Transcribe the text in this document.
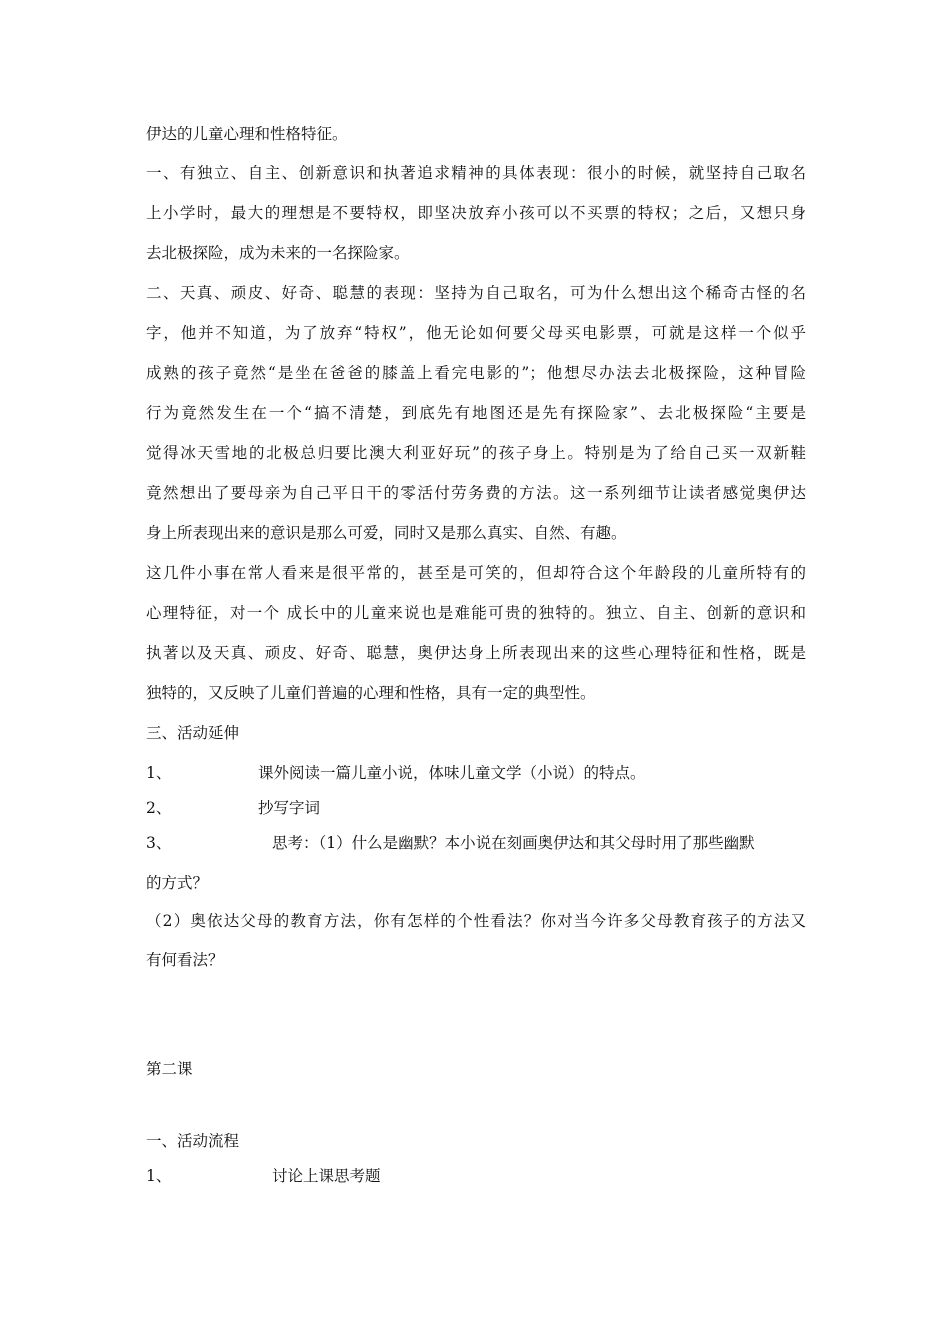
伊达的儿童心理和性格特征。
一、有独立、自主、创新意识和执著追求精神的具体表现：很小的时候，就坚持自己取名
上小学时，最大的理想是不要特权，即坚决放弃小孩可以不买票的特权；之后，又想只身
去北极探险，成为未来的一名探险家。
二、天真、顽皮、好奇、聪慧的表现：坚持为自己取名，可为什么想出这个稀奇古怪的名
字，他并不知道，为了放弃“特权”，他无论如何要父母买电影票，可就是这样一个似乎
成熟的孩子竟然“是坐在爸爸的膝盖上看完电影的”；他想尽办法去北极探险，这种冒险
行为竟然发生在一个“搞不清楚，到底先有地图还是先有探险家”、去北极探险“主要是
觉得冰天雪地的北极总归要比澳大利亚好玩”的孩子身上。特别是为了给自己买一双新鞋
竟然想出了要母亲为自己平日干的零活付劳务费的方法。这一系列细节让读者感觉奥伊达
身上所表现出来的意识是那么可爱，同时又是那么真实、自然、有趣。
这几件小事在常人看来是很平常的，甚至是可笑的，但却符合这个年龄段的儿童所特有的
心理特征，对一个 成长中的儿童来说也是难能可贵的独特的。独立、自主、创新的意识和
执著以及天真、顽皮、好奇、聪慧，奥伊达身上所表现出来的这些心理特征和性格，既是
独特的，又反映了儿童们普遍的心理和性格，具有一定的典型性。
三、活动延伸
1、	课外阅读一篇儿童小说，体味儿童文学（小说）的特点。
2、	抄写字词
3、	思考：（1）什么是幽默？本小说在刻画奥伊达和其父母时用了那些幽默
的方式？
（2）奥依达父母的教育方法，你有怎样的个性看法？你对当今许多父母教育孩子的方法又
有何看法？
第二课
一、活动流程
1、	讨论上课思考题
